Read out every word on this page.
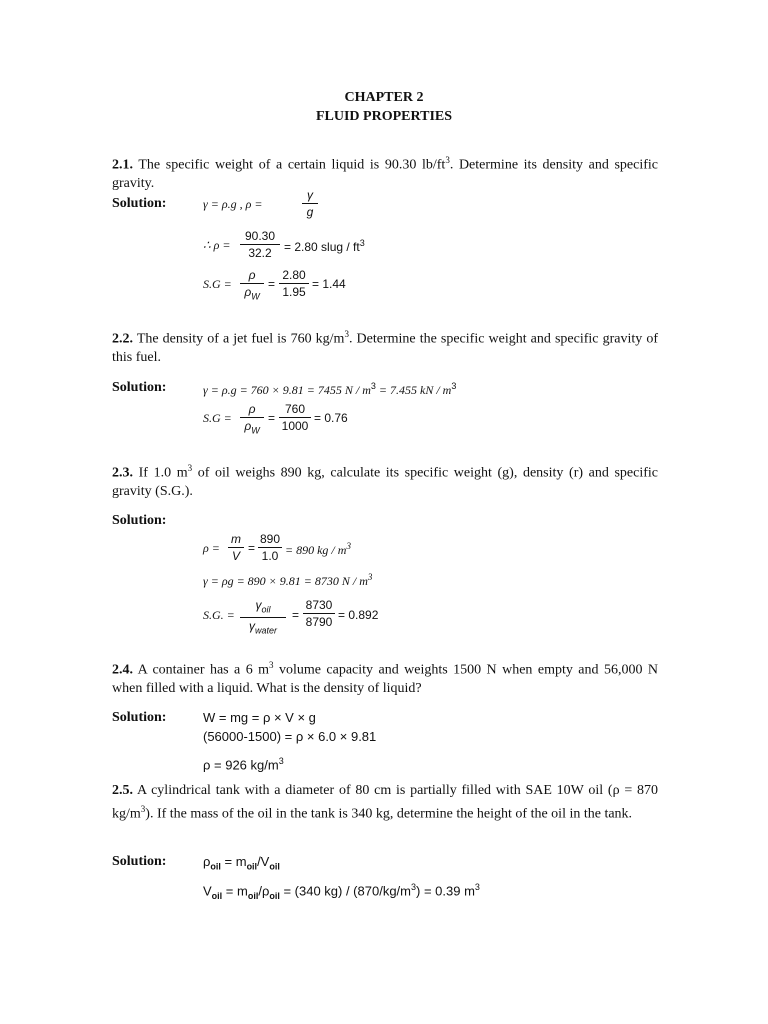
CHAPTER 2
FLUID PROPERTIES
2.1. The specific weight of a certain liquid is 90.30 $lb/ft^3$. Determine its density and specific gravity.
Solution:	γ = ρ.g , ρ =
γ
g
∴ ρ =
90.30
32.2	= 2.80 slug / $ft^3$
S.G =
ρ
$\rho_W$
=
2.80
1.95
= 1.44
2.2. The density of a jet fuel is 760 $kg/m^3$. Determine the specific weight and specific gravity of this fuel.
Solution:	γ = ρ.g = 760 × 9.81 = 7455 $N / m^3 = 7.455$ kN / $m^3$
S.G =
ρ
$\rho_W$
=
760
1000
= 0.76
2.3. If 1.0 $m^3$ of oil weighs 890 kg, calculate its specific weight (g), density (r) and specific gravity (S.G.).
Solution:
ρ =
m
V
=
890
1.0 = 890 kg / $m^3$
γ = ρg = 890 × 9.81 = 8730 N / $m^3$
S.G. =
$\gamma_{oil}$
$\gamma_{water}$
=
8730
8790 = 0.892
2.4. A container has a 6 $m^3$ volume capacity and weights 1500 N when empty and 56,000 N when filled with a liquid. What is the density of liquid?
Solution:	W = mg = ρ × V × g
(56000-1500) = ρ × 6.0 × 9.81
ρ = 926 $kg/m^3$
2.5. A cylindrical tank with a diameter of 80 cm is partially filled with SAE 10W oil (ρ = 870 $kg/m^3$). If the mass of the oil in the tank is 340 kg, determine the height of the oil in the tank.
Solution:	$\rho_{oil} = m_{oil}/V_{oil}$
$V_{oil} = m_{oil}/\rho_{oil} = (340$ $kg) / (870/kg/m^3) = 0.39$ $m^3$
